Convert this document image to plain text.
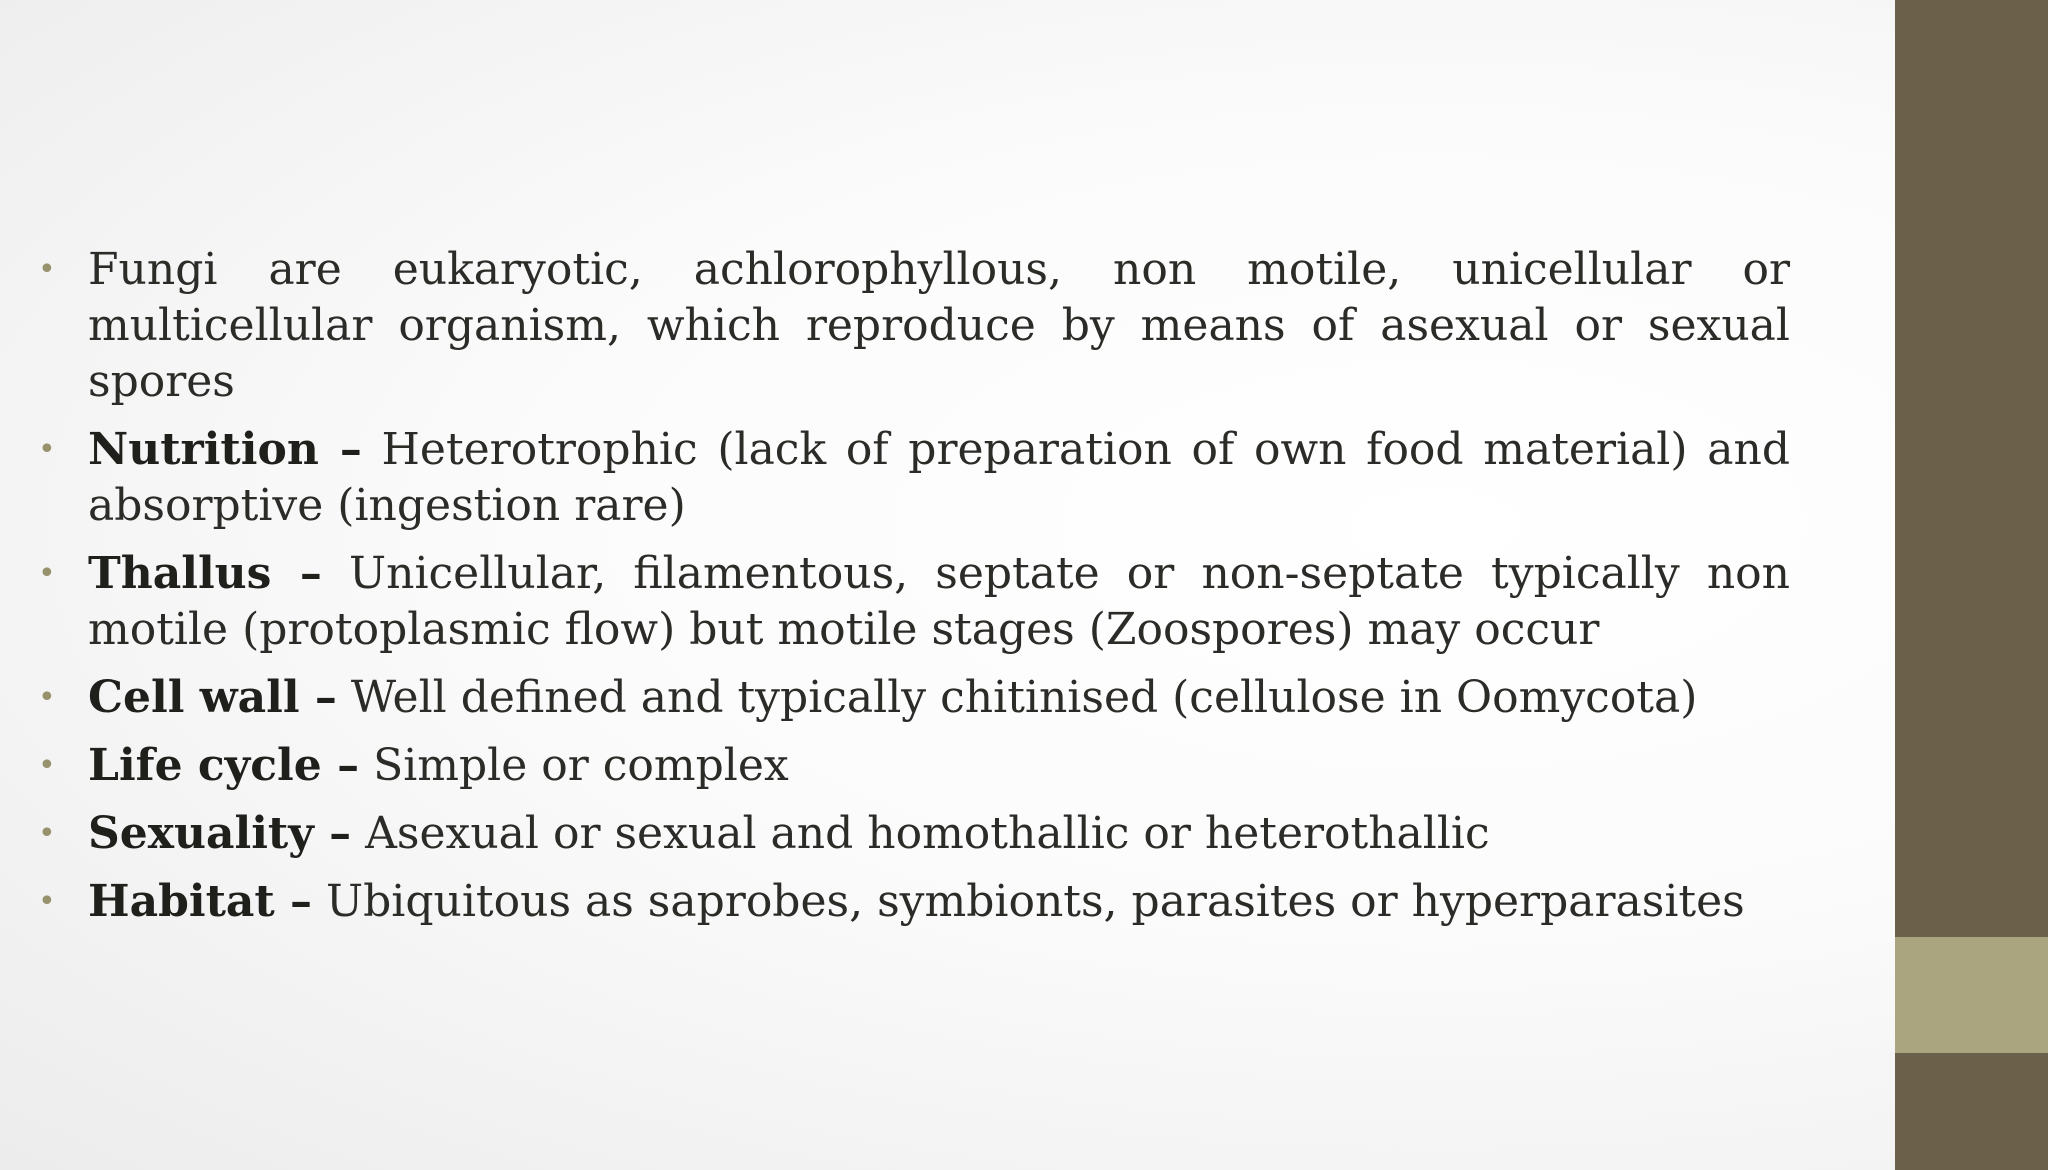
• Fungi are eukaryotic, achlorophyllous, non motile, unicellular or multicellular organism, which reproduce by means of asexual or sexual spores
• Nutrition – Heterotrophic (lack of preparation of own food material) and absorptive (ingestion rare)
• Thallus – Unicellular, filamentous, septate or non-septate typically non motile (protoplasmic flow) but motile stages (Zoospores) may occur
• Cell wall – Well defined and typically chitinised (cellulose in Oomycota)
• Life cycle – Simple or complex
• Sexuality – Asexual or sexual and homothallic or heterothallic
• Habitat – Ubiquitous as saprobes, symbionts, parasites or hyperparasites
